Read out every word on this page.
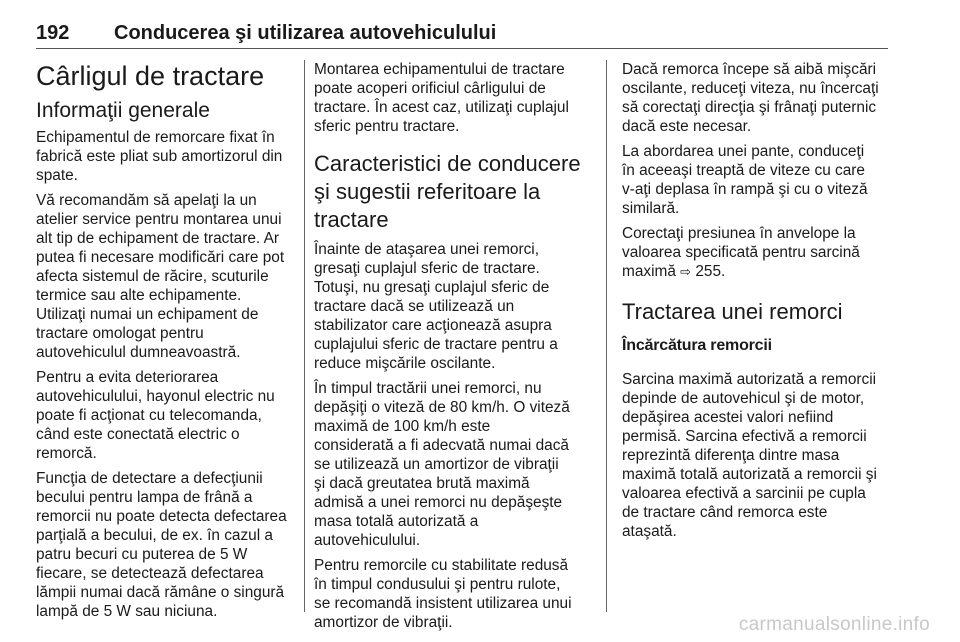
192	Conducerea şi utilizarea autovehiculului
Cârligul de tractare
Informaţii generale

Echipamentul de remorcare fixat în
fabrică este pliat sub amortizorul din
spate.

Vă recomandăm să apelaţi la un
atelier service pentru montarea unui
alt tip de echipament de tractare. Ar
putea fi necesare modificări care pot
afecta sistemul de răcire, scuturile
termice sau alte echipamente.
Utilizaţi numai un echipament de
tractare omologat pentru
autovehiculul dumneavoastră.

Pentru a evita deteriorarea
autovehiculului, hayonul electric nu
poate fi acţionat cu telecomanda,
când este conectată electric o
remorcă.

Funcţia de detectare a defecţiunii
becului pentru lampa de frână a
remorcii nu poate detecta defectarea
parţială a becului, de ex. în cazul a
patru becuri cu puterea de 5 W
fiecare, se detectează defectarea
lămpii numai dacă rămâne o singură
lampă de 5 W sau niciuna.

Montarea echipamentului de tractare
poate acoperi orificiul cârligului de
tractare. În acest caz, utilizaţi cuplajul
sferic pentru tractare.

Caracteristici de conducere
şi sugestii referitoare la
tractare

Înainte de ataşarea unei remorci,
gresaţi cuplajul sferic de tractare.
Totuşi, nu gresaţi cuplajul sferic de
tractare dacă se utilizează un
stabilizator care acţionează asupra
cuplajului sferic de tractare pentru a
reduce mişcările oscilante.

În timpul tractării unei remorci, nu
depăşiţi o viteză de 80 km/h. O viteză
maximă de 100 km/h este
considerată a fi adecvată numai dacă
se utilizează un amortizor de vibraţii
şi dacă greutatea brută maximă
admisă a unei remorci nu depăşeşte
masa totală autorizată a
autovehiculului.

Pentru remorcile cu stabilitate redusă
în timpul condusului şi pentru rulote,
se recomandă insistent utilizarea unui
amortizor de vibraţii.

Dacă remorca începe să aibă mişcări
oscilante, reduceţi viteza, nu încercaţi
să corectaţi direcţia şi frânaţi puternic
dacă este necesar.

La abordarea unei pante, conduceţi
în aceeaşi treaptă de viteze cu care
v-aţi deplasa în rampă şi cu o viteză
similară.

Corectaţi presiunea în anvelope la
valoarea specificată pentru sarcină
maximă ⇨ 255.

Tractarea unei remorci
Încărcătura remorcii

Sarcina maximă autorizată a remorcii
depinde de autovehicul şi de motor,
depăşirea acestei valori nefiind
permisă. Sarcina efectivă a remorcii
reprezintă diferenţa dintre masa
maximă totală autorizată a remorcii şi
valoarea efectivă a sarcinii pe cupla
de tractare când remorca este
ataşată.

carmanualsonline.info
